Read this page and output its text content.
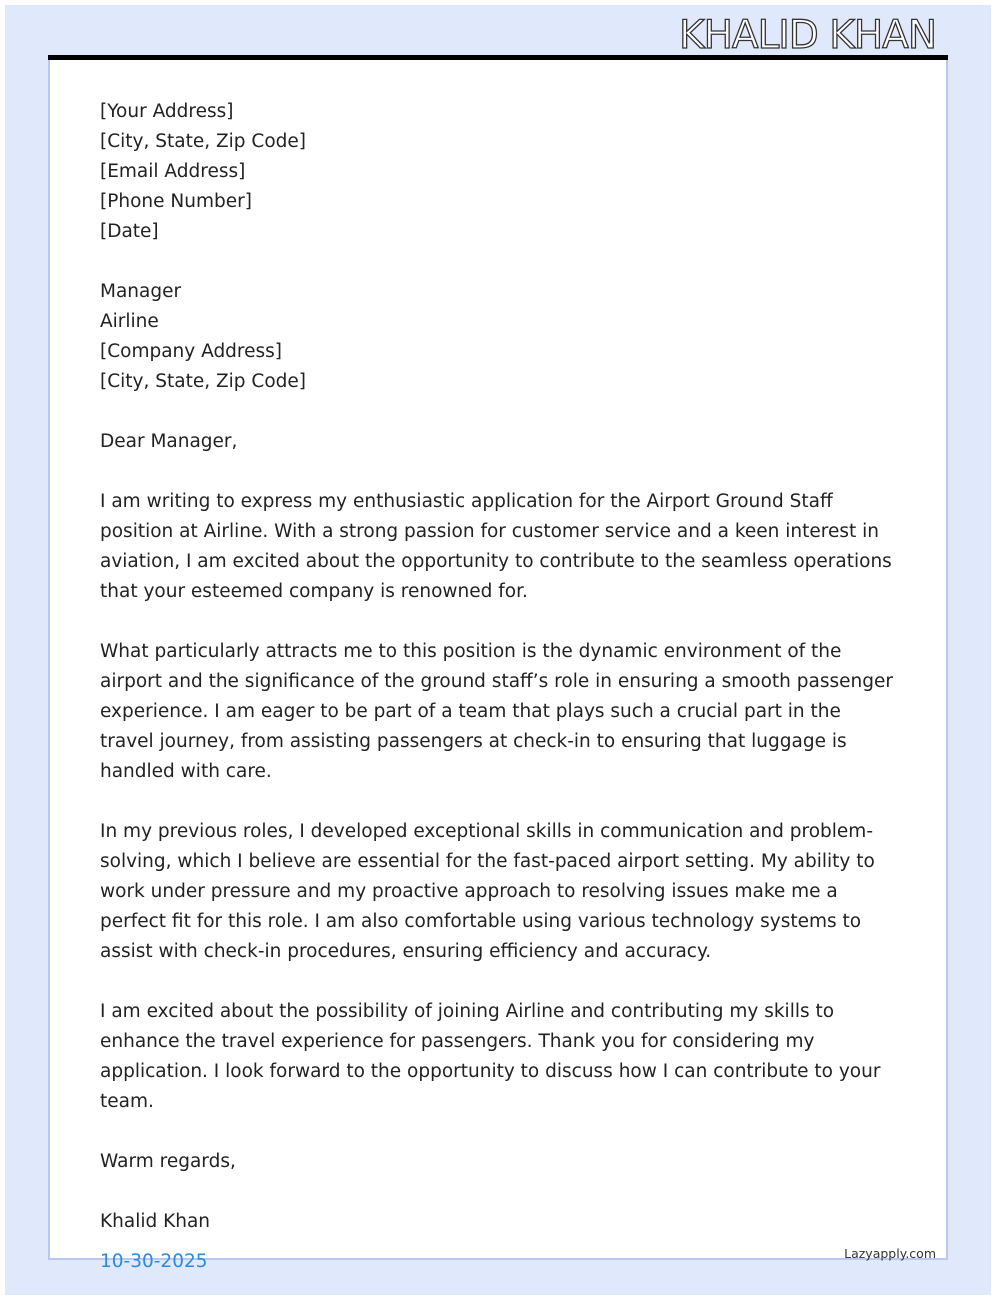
KHALID KHAN
[Your Address]
[City, State, Zip Code]
[Email Address]
[Phone Number]
[Date]
Manager
Airline
[Company Address]
[City, State, Zip Code]
Dear Manager,

I am writing to express my enthusiastic application for the Airport Ground Staff position at Airline. With a strong passion for customer service and a keen interest in aviation, I am excited about the opportunity to contribute to the seamless operations that your esteemed company is renowned for.

What particularly attracts me to this position is the dynamic environment of the airport and the significance of the ground staff’s role in ensuring a smooth passenger experience. I am eager to be part of a team that plays such a crucial part in the travel journey, from assisting passengers at check-in to ensuring that luggage is handled with care.

In my previous roles, I developed exceptional skills in communication and problem-solving, which I believe are essential for the fast-paced airport setting. My ability to work under pressure and my proactive approach to resolving issues make me a perfect fit for this role. I am also comfortable using various technology systems to assist with check-in procedures, ensuring efficiency and accuracy.

I am excited about the possibility of joining Airline and contributing my skills to enhance the travel experience for passengers. Thank you for considering my application. I look forward to the opportunity to discuss how I can contribute to your team.

Warm regards,
Khalid Khan
10-30-2025	Lazyapply.com
